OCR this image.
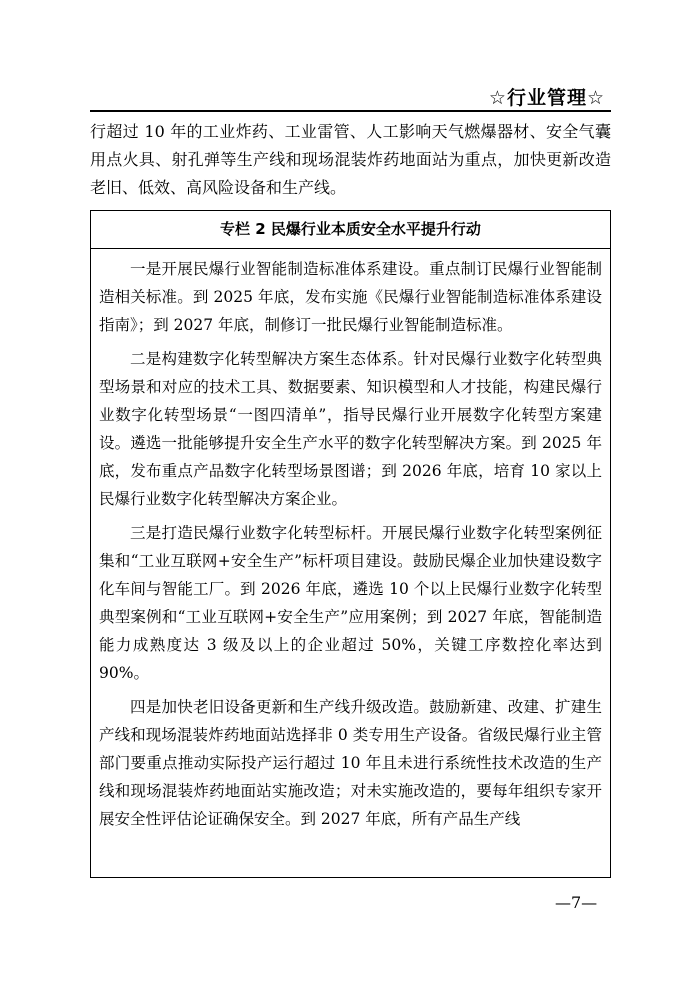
☆行业管理☆

行超过 10 年的工业炸药、工业雷管、人工影响天气燃爆器材、安全气囊用点火具、射孔弹等生产线和现场混装炸药地面站为重点，加快更新改造老旧、低效、高风险设备和生产线。

专栏 2 民爆行业本质安全水平提升行动

一是开展民爆行业智能制造标准体系建设。重点制订民爆行业智能制造相关标准。到 2025 年底，发布实施《民爆行业智能制造标准体系建设指南》；到 2027 年底，制修订一批民爆行业智能制造标准。

二是构建数字化转型解决方案生态体系。针对民爆行业数字化转型典型场景和对应的技术工具、数据要素、知识模型和人才技能，构建民爆行业数字化转型场景“一图四清单”，指导民爆行业开展数字化转型方案建设。遴选一批能够提升安全生产水平的数字化转型解决方案。到 2025 年底，发布重点产品数字化转型场景图谱；到 2026 年底，培育 10 家以上民爆行业数字化转型解决方案企业。

三是打造民爆行业数字化转型标杆。开展民爆行业数字化转型案例征集和“工业互联网+安全生产”标杆项目建设。鼓励民爆企业加快建设数字化车间与智能工厂。到 2026 年底，遴选 10 个以上民爆行业数字化转型典型案例和“工业互联网+安全生产”应用案例；到 2027 年底，智能制造能力成熟度达 3 级及以上的企业超过 50%，关键工序数控化率达到 90%。

四是加快老旧设备更新和生产线升级改造。鼓励新建、改建、扩建生产线和现场混装炸药地面站选择非 0 类专用生产设备。省级民爆行业主管部门要重点推动实际投产运行超过 10 年且未进行系统性技术改造的生产线和现场混装炸药地面站实施改造；对未实施改造的，要每年组织专家开展安全性评估论证确保安全。到 2027 年底，所有产品生产线

—7—
